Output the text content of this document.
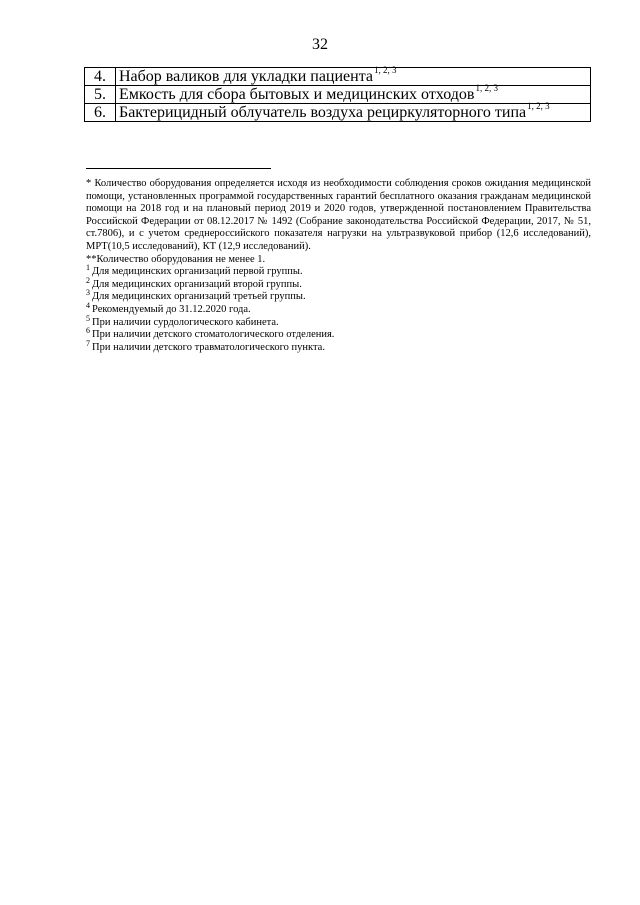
32
4.	Набор валиков для укладки пациента$^{1, 2, 3}$
5.	Емкость для сбора бытовых и медицинских отходов$^{1, 2, 3}$
6.	Бактерицидный облучатель воздуха рециркуляторного типа$^{1, 2, 3}$

* Количество оборудования определяется исходя из необходимости соблюдения сроков ожидания медицинской помощи, установленных программой государственных гарантий бесплатного оказания гражданам медицинской помощи на 2018 год и на плановый период 2019 и 2020 годов, утвержденной постановлением Правительства Российской Федерации от 08.12.2017 № 1492 (Собрание законодательства Российской Федерации, 2017, № 51, ст.7806), и с учетом среднероссийского показателя нагрузки на ультразвуковой прибор (12,6 исследований), МРТ(10,5 исследований), КТ (12,9 исследований).

**Количество оборудования не менее 1.

$^1$ Для медицинских организаций первой группы.

$^2$ Для медицинских организаций второй группы.

$^3$ Для медицинских организаций третьей группы.

$^4$ Рекомендуемый до 31.12.2020 года.

$^5$ При наличии сурдологического кабинета.

$^6$ При наличии детского стоматологического отделения.

$^7$ При наличии детского травматологического пункта.
